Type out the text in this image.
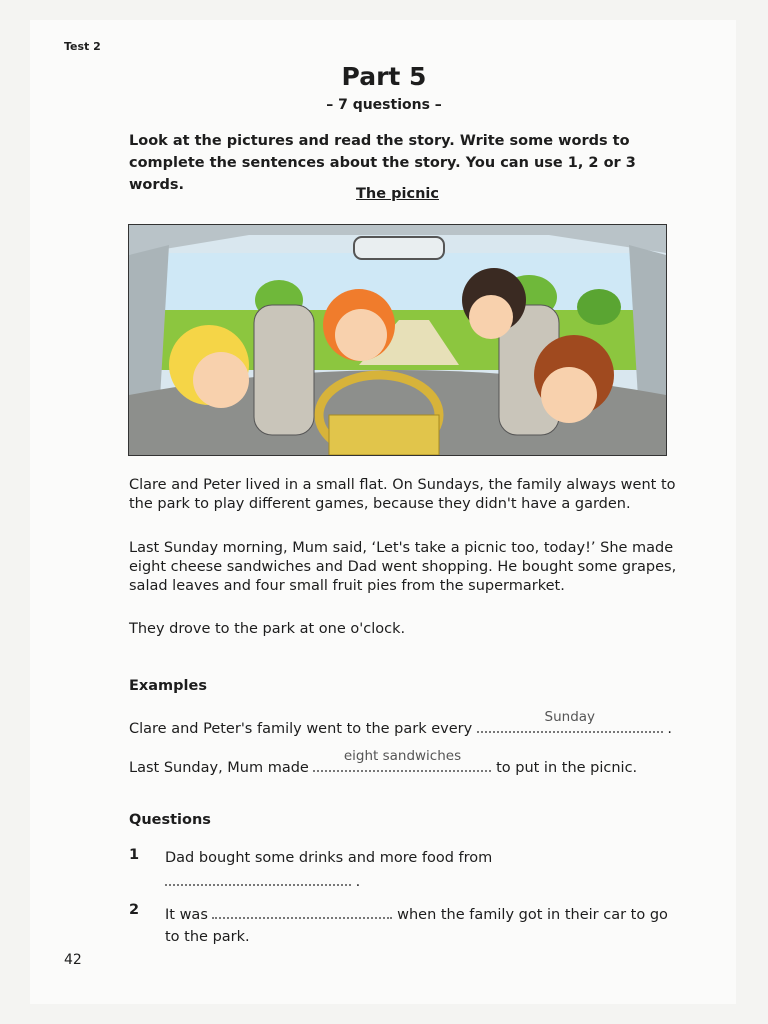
Test 2
Part 5
– 7 questions –
Look at the pictures and read the story. Write some words to complete the sentences about the story. You can use 1, 2 or 3 words.
The picnic
Clare and Peter lived in a small flat. On Sundays, the family always went to the park to play different games, because they didn't have a garden.
Last Sunday morning, Mum said, ‘Let's take a picnic too, today!’ She made eight cheese sandwiches and Dad went shopping. He bought some grapes, salad leaves and four small fruit pies from the supermarket.
They drove to the park at one o'clock.
Examples
Clare and Peter's family went to the park every
Sunday
.
Last Sunday, Mum made
eight sandwiches
to put in the picnic.
Questions
1 Dad bought some drinks and more food from
.
2 It was	when the family got in their car to go to the park.
42
